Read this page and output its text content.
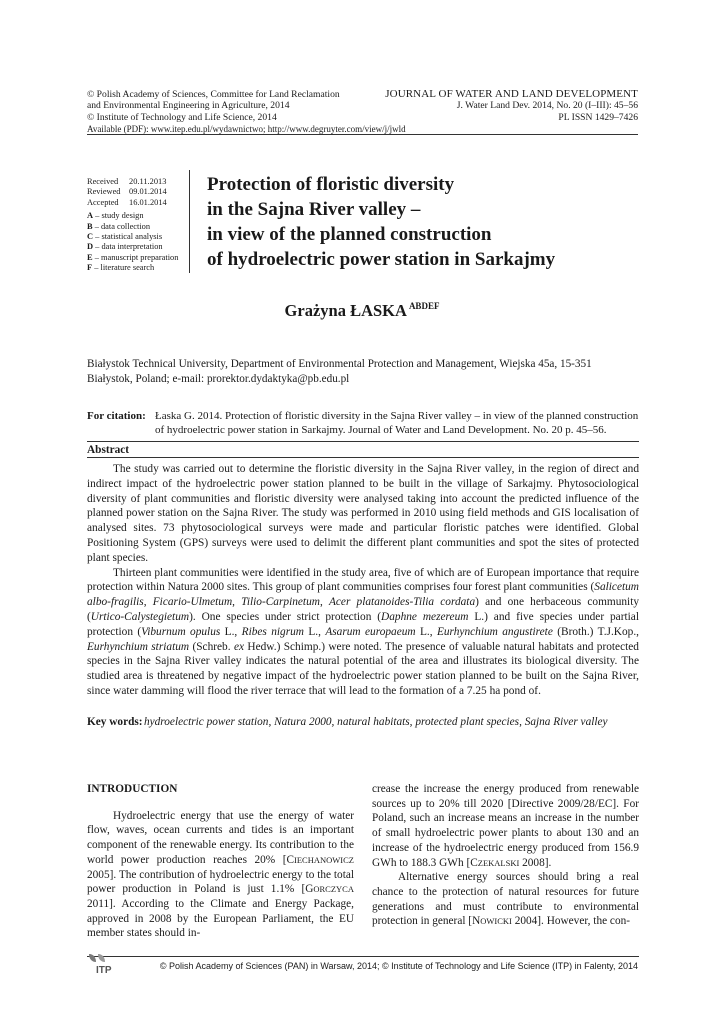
© Polish Academy of Sciences, Committee for Land Reclamation
and Environmental Engineering in Agriculture, 2014
© Institute of Technology and Life Science, 2014
JOURNAL OF WATER AND LAND DEVELOPMENT
J. Water Land Dev. 2014, No. 20 (I–III): 45–56
PL ISSN 1429–7426
Available (PDF): www.itep.edu.pl/wydawnictwo; http://www.degruyter.com/view/j/jwld
Received	20.11.2013
Reviewed	09.01.2014
Accepted	16.01.2014
A – study design
B – data collection
C – statistical analysis
D – data interpretation
E – manuscript preparation
F – literature search
Protection of floristic diversity
in the Sajna River valley –
in view of the planned construction
of hydroelectric power station in Sarkajmy
Grażyna ŁASKA $^{ABDEF}$
Białystok Technical University, Department of Environmental Protection and Management, Wiejska 45a, 15-351 Białystok, Poland; e-mail: prorektor.dydaktyka@pb.edu.pl
For citation: Łaska G. 2014. Protection of floristic diversity in the Sajna River valley – in view of the planned construction of hydroelectric power station in Sarkajmy. Journal of Water and Land Development. No. 20 p. 45–56.
Abstract

The study was carried out to determine the floristic diversity in the Sajna River valley, in the region of direct and indirect impact of the hydroelectric power station planned to be built in the village of Sarkajmy. Phytosociological diversity of plant communities and floristic diversity were analysed taking into account the predicted influence of the planned power station on the Sajna River. The study was performed in 2010 using field methods and GIS localisation of analysed sites. 73 phytosociological surveys were made and particular floristic patches were identified. Global Positioning System (GPS) surveys were used to delimit the different plant communities and spot the sites of protected plant species.

Thirteen plant communities were identified in the study area, five of which are of European importance that require protection within Natura 2000 sites. This group of plant communities comprises four forest plant communities (Salicetum albo-fragilis, Ficario-Ulmetum, Tilio-Carpinetum, Acer platanoides-Tilia cordata) and one herbaceous community (Urtico-Calystegietum). One species under strict protection (Daphne mezereum L.) and five species under partial protection (Viburnum opulus L., Ribes nigrum L., Asarum europaeum L., Eurhynchium angustirete (Broth.) T.J.Kop., Eurhynchium striatum (Schreb. ex Hedw.) Schimp.) were noted. The presence of valuable natural habitats and protected species in the Sajna River valley indicates the natural potential of the area and illustrates its biological diversity. The studied area is threatened by negative impact of the hydroelectric power station planned to be built on the Sajna River, since water damming will flood the river terrace that will lead to the formation of a 7.25 ha pond of.

Key words: hydroelectric power station, Natura 2000, natural habitats, protected plant species, Sajna River valley

INTRODUCTION

Hydroelectric energy that use the energy of water flow, waves, ocean currents and tides is an important component of the renewable energy. Its contribution to the world power production reaches 20% [CIECHANOWICZ 2005]. The contribution of hydroelectric energy to the total power production in Poland is just 1.1% [GORCZYCA 2011]. According to the Climate and Energy Package, approved in 2008 by the European Parliament, the EU member states should in-

crease the increase the energy produced from renewable sources up to 20% till 2020 [Directive 2009/28/EC]. For Poland, such an increase means an increase in the number of small hydroelectric power plants to about 130 and an increase of the hydroelectric energy produced from 156.9 GWh to 188.3 GWh [CZEKALSKI 2008].

Alternative energy sources should bring a real chance to the protection of natural resources for future generations and must contribute to environmental protection in general [NOWICKI 2004]. However, the con-

ITP	© Polish Academy of Sciences (PAN) in Warsaw, 2014; © Institute of Technology and Life Science (ITP) in Falenty, 2014
